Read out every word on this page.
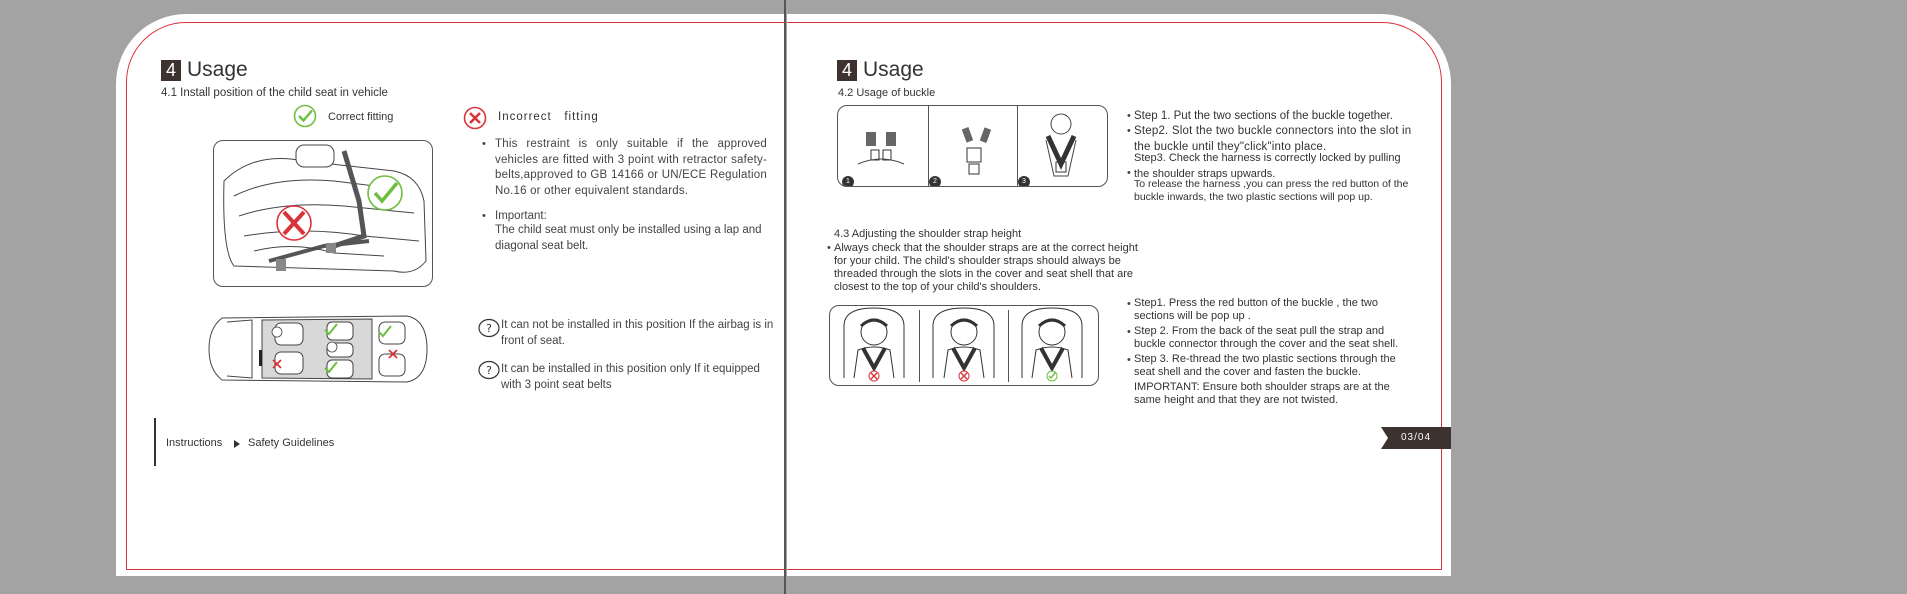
4 Usage
4.1 Install position of the child seat in vehicle
Correct fitting	Incorrect   fitting
• This restraint is only suitable if the approved vehicles are fitted with 3 point with retractor safety-belts,approved to GB 14166 or UN/ECE Regulation No.16 or other equivalent standards.
• Important:
The child seat must only be installed using a lap and diagonal seat belt.
? It can not be installed in this position If the airbag is in front of seat.
? It can be installed in this position only If it equipped with 3 point seat belts
Instructions Safety Guidelines
4 Usage
4.2 Usage of buckle
1	2	3
• Step 1. Put the two sections of the buckle together.
• Step2. Slot the two buckle connectors into the slot in the buckle until they"click"into place.
Step3. Check the harness is correctly locked by pulling the shoulder straps upwards.
•
To release the harness ,you can press the red button of the buckle inwards, the two plastic sections will pop up.
4.3 Adjusting the shoulder strap height
• Always check that the shoulder straps are at the correct height for your child. The child's shoulder straps should always be threaded through the slots in the cover and seat shell that are closest to the top of your child's shoulders.
• Step1. Press the red button of the buckle , the two sections will be pop up .
• Step 2. From the back of the seat pull the strap and buckle connector through the cover and the seat shell.
• Step 3. Re-thread the two plastic sections through the seat shell and the cover and fasten the buckle.
IMPORTANT: Ensure both shoulder straps are at the same height and that they are not twisted.
03/04
